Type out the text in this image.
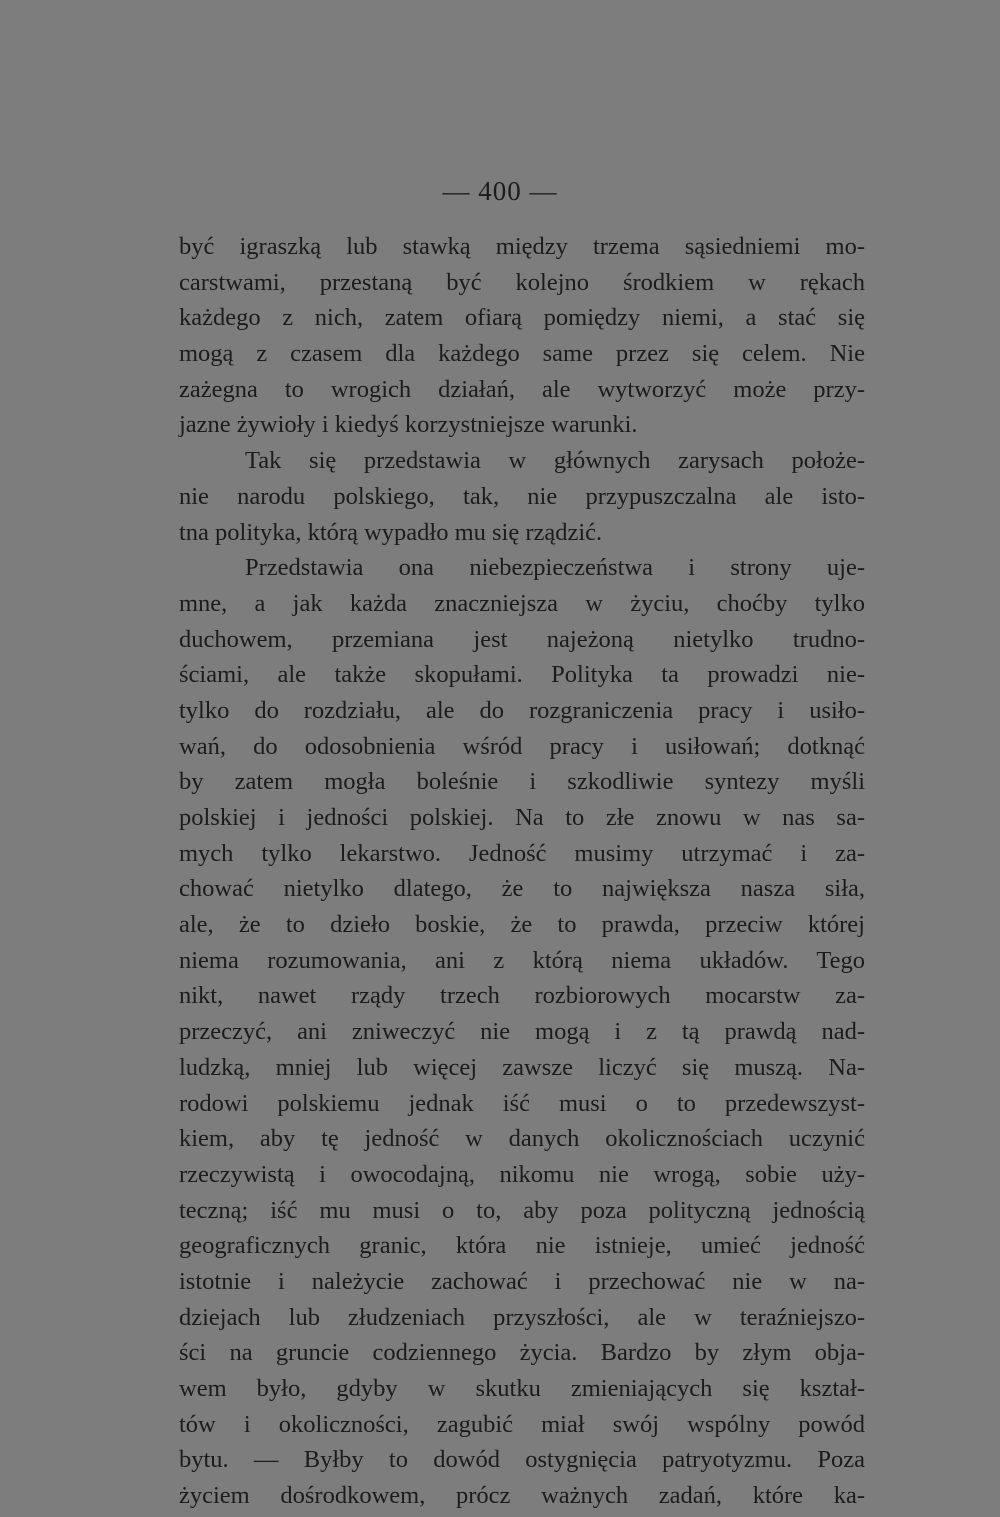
— 400 —
być igraszką lub stawką między trzema sąsiedniemi mo-
carstwami, przestaną być kolejno środkiem w rękach
każdego z nich, zatem ofiarą pomiędzy niemi, a stać się
mogą z czasem dla każdego same przez się celem. Nie
zażegna to wrogich działań, ale wytworzyć może przy-
jazne żywioły i kiedyś korzystniejsze warunki.
Tak się przedstawia w głównych zarysach położe-
nie narodu polskiego, tak, nie przypuszczalna ale isto-
tna polityka, którą wypadło mu się rządzić.
Przedstawia ona niebezpieczeństwa i strony uje-
mne, a jak każda znaczniejsza w życiu, choćby tylko
duchowem, przemiana jest najeżoną nietylko trudno-
ściami, ale także skopułami. Polityka ta prowadzi nie-
tylko do rozdziału, ale do rozgraniczenia pracy i usiło-
wań, do odosobnienia wśród pracy i usiłowań; dotknąć
by zatem mogła boleśnie i szkodliwie syntezy myśli
polskiej i jedności polskiej. Na to złe znowu w nas sa-
mych tylko lekarstwo. Jedność musimy utrzymać i za-
chować nietylko dlatego, że to największa nasza siła,
ale, że to dzieło boskie, że to prawda, przeciw której
niema rozumowania, ani z którą niema układów. Tego
nikt, nawet rządy trzech rozbiorowych mocarstw za-
przeczyć, ani zniweczyć nie mogą i z tą prawdą nad-
ludzką, mniej lub więcej zawsze liczyć się muszą. Na-
rodowi polskiemu jednak iść musi o to przedewszyst-
kiem, aby tę jedność w danych okolicznościach uczynić
rzeczywistą i owocodajną, nikomu nie wrogą, sobie uży-
teczną; iść mu musi o to, aby poza polityczną jednością
geograficznych granic, która nie istnieje, umieć jedność
istotnie i należycie zachować i przechować nie w na-
dziejach lub złudzeniach przyszłości, ale w teraźniejszo-
ści na gruncie codziennego życia. Bardzo by złym obja-
wem było, gdyby w skutku zmieniających się kształ-
tów i okoliczności, zagubić miał swój wspólny powód
bytu. — Byłby to dowód ostygnięcia patryotyzmu. Poza
życiem dośrodkowem, prócz ważnych zadań, które ka-
